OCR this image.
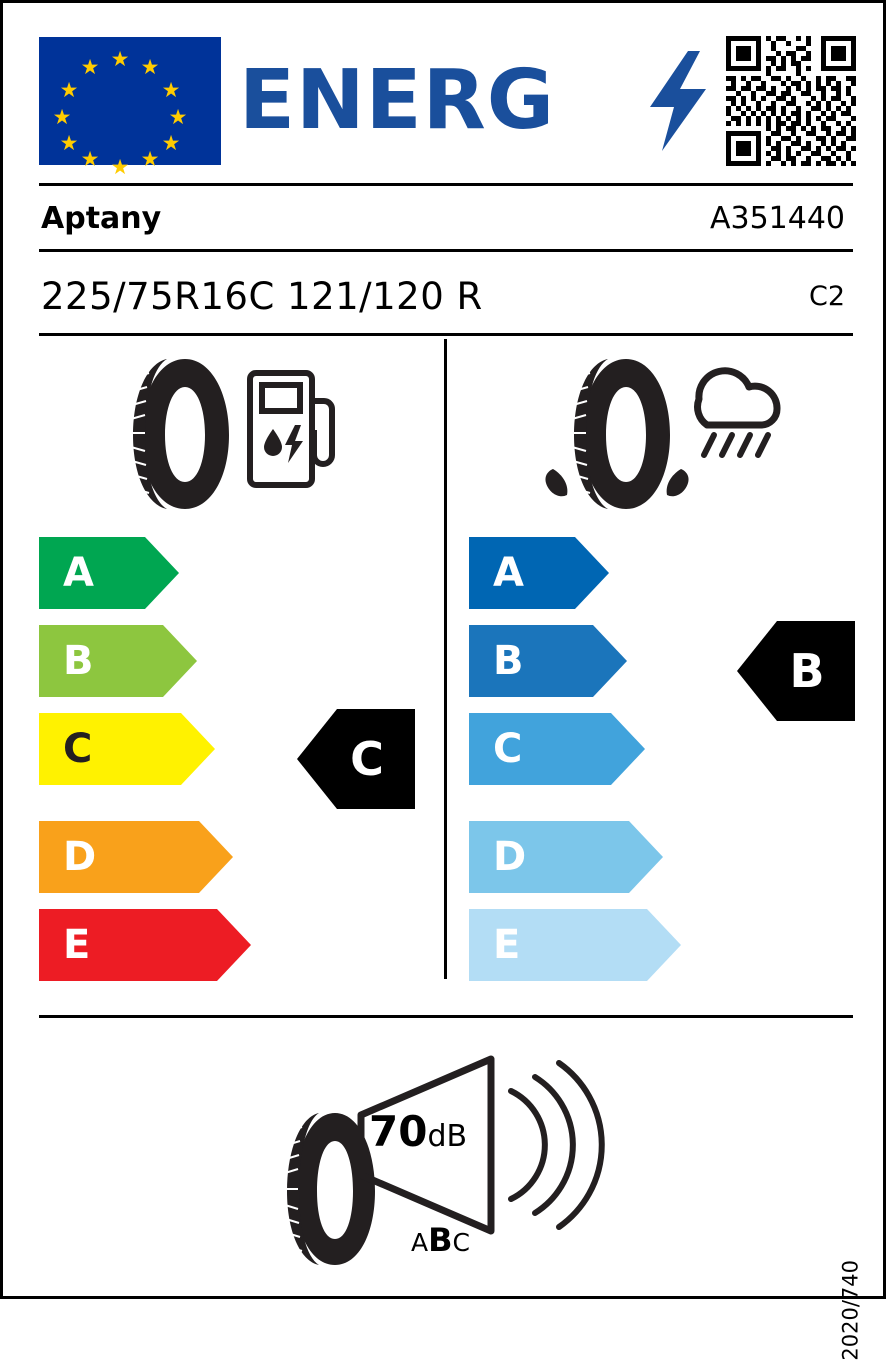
★
★ ★
★	★
★	★
★	★
★ ★
★
ENERG
Aptany	A351440
225/75R16C 121/120 R	C2
A
B
C
D
E
C
A
B
C
D
E
B
70dB
ABC
2020/740
